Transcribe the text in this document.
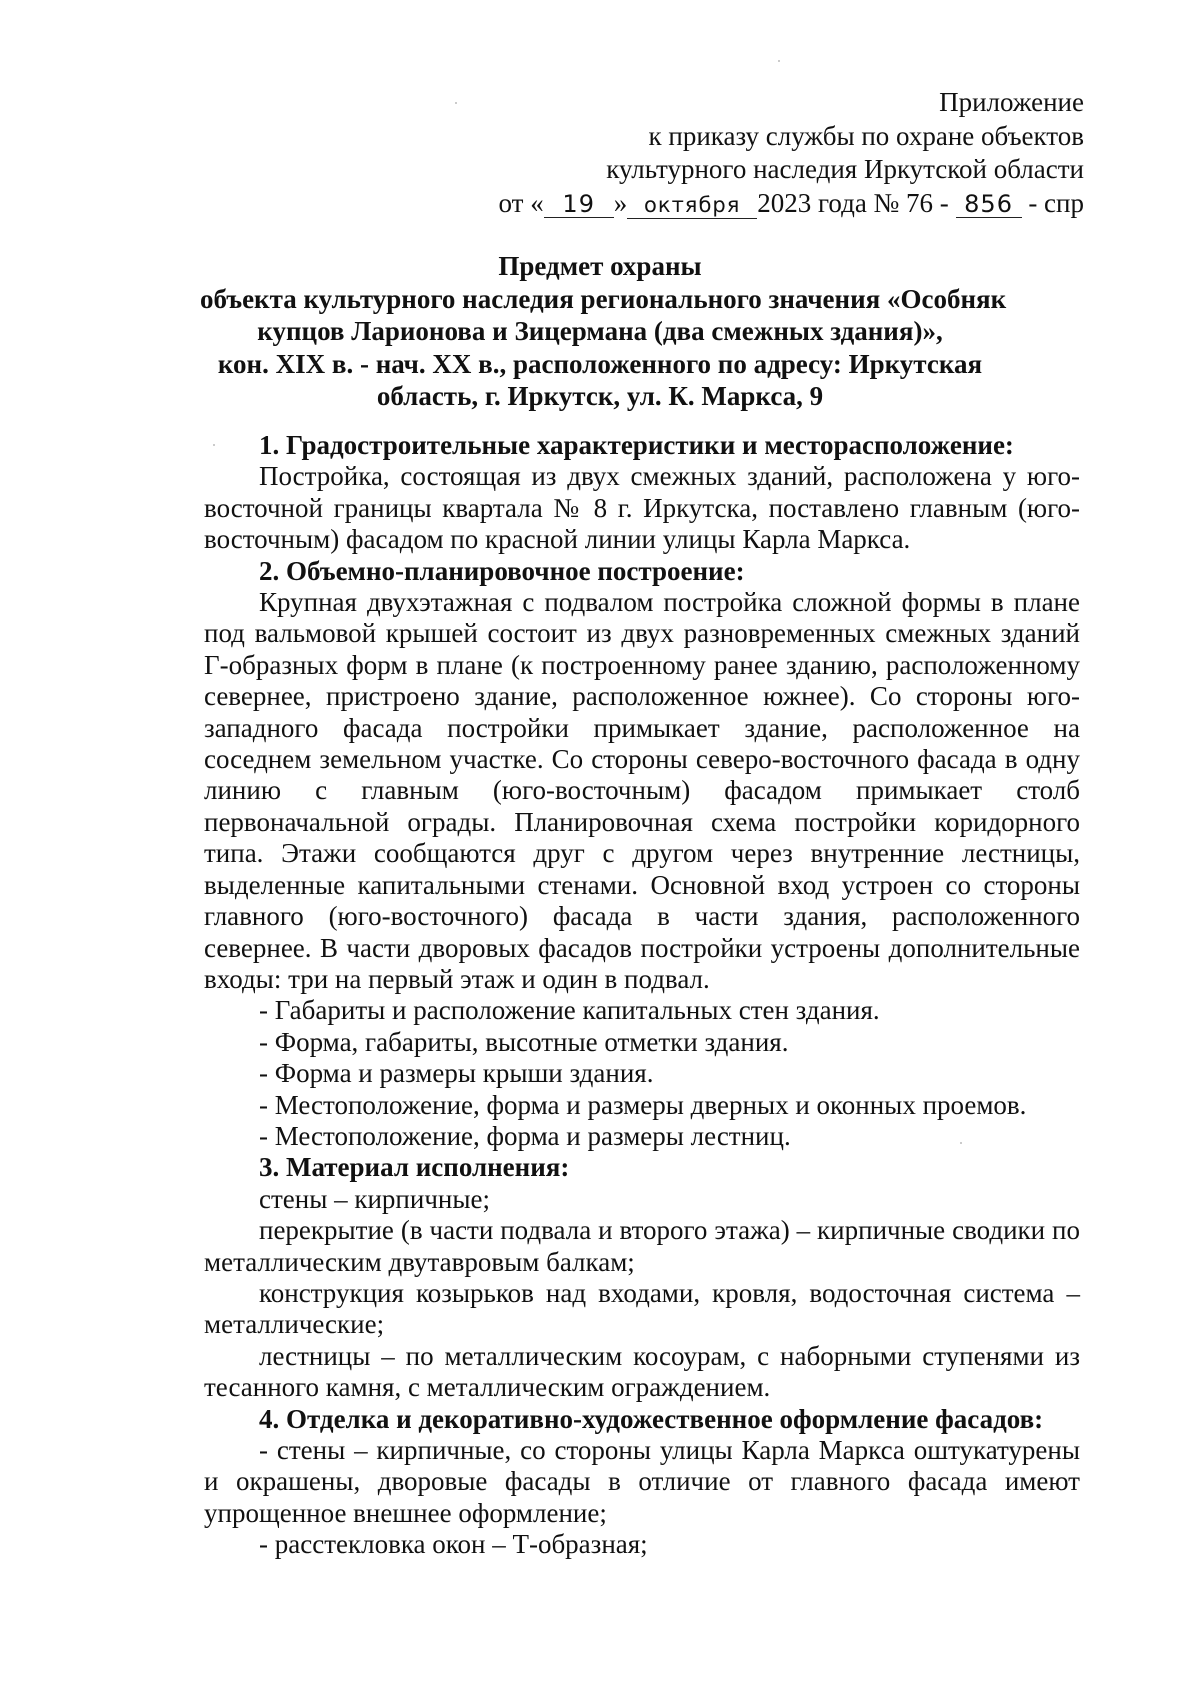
Приложение
к приказу службы по охране объектов
культурного наследия Иркутской области
от « 19 » октября 2023 года № 76 - 856 - спр
Предмет охраны
объекта культурного наследия регионального значения «Особняк
купцов Ларионова и Зицермана (два смежных здания)»,
кон. XIX в. - нач. XX в., расположенного по адресу: Иркутская
область, г. Иркутск, ул. К. Маркса, 9

1. Градостроительные характеристики и месторасположение:

Постройка, состоящая из двух смежных зданий, расположена у юго-восточной границы квартала № 8 г. Иркутска, поставлено главным (юго-восточным) фасадом по красной линии улицы Карла Маркса.

2. Объемно-планировочное построение:

Крупная двухэтажная с подвалом постройка сложной формы в плане под вальмовой крышей состоит из двух разновременных смежных зданий Г-образных форм в плане (к построенному ранее зданию, расположенному севернее, пристроено здание, расположенное южнее). Со стороны юго-западного фасада постройки примыкает здание, расположенное на соседнем земельном участке. Со стороны северо-восточного фасада в одну линию с главным (юго-восточным) фасадом примыкает столб первоначальной ограды. Планировочная схема постройки коридорного типа. Этажи сообщаются друг с другом через внутренние лестницы, выделенные капитальными стенами. Основной вход устроен со стороны главного (юго-восточного) фасада в части здания, расположенного севернее. В части дворовых фасадов постройки устроены дополнительные входы: три на первый этаж и один в подвал.

- Габариты и расположение капитальных стен здания.

- Форма, габариты, высотные отметки здания.

- Форма и размеры крыши здания.

- Местоположение, форма и размеры дверных и оконных проемов.

- Местоположение, форма и размеры лестниц.

3. Материал исполнения:

стены – кирпичные;

перекрытие (в части подвала и второго этажа) – кирпичные сводики по металлическим двутавровым балкам;

конструкция козырьков над входами, кровля, водосточная система – металлические;

лестницы – по металлическим косоурам, с наборными ступенями из тесанного камня, с металлическим ограждением.

4. Отделка и декоративно-художественное оформление фасадов:

- стены – кирпичные, со стороны улицы Карла Маркса оштукатурены и окрашены, дворовые фасады в отличие от главного фасада имеют упрощенное внешнее оформление;

- расстекловка окон – Т-образная;
